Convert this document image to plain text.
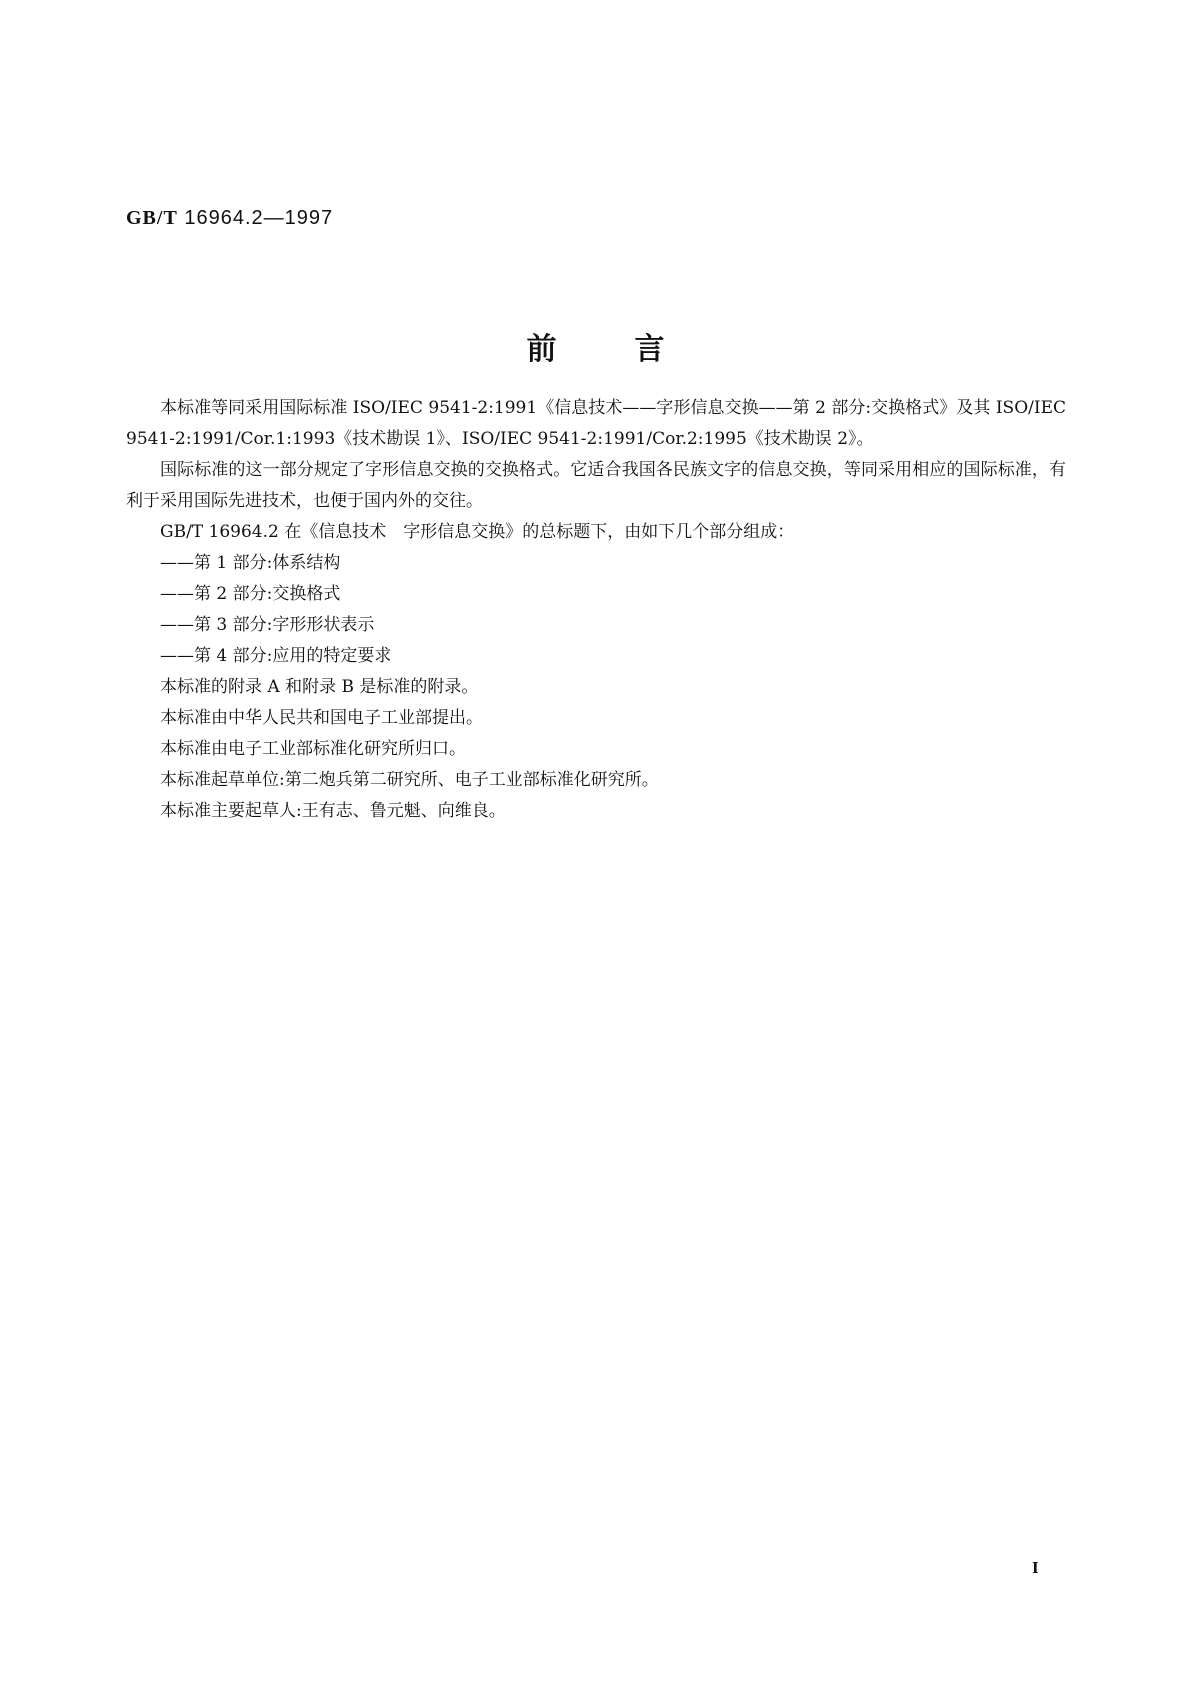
GB/T 16964.2—1997
前言

本标准等同采用国际标准 ISO/IEC 9541-2:1991《信息技术——字形信息交换——第 2 部分:交换格式》及其 ISO/IEC 9541-2:1991/Cor.1:1993《技术勘误 1》、ISO/IEC 9541-2:1991/Cor.2:1995《技术勘误 2》。

国际标准的这一部分规定了字形信息交换的交换格式。它适合我国各民族文字的信息交换，等同采用相应的国际标准，有利于采用国际先进技术，也便于国内外的交往。

GB/T 16964.2 在《信息技术　字形信息交换》的总标题下，由如下几个部分组成：

——第 1 部分:体系结构

——第 2 部分:交换格式

——第 3 部分:字形形状表示

——第 4 部分:应用的特定要求

本标准的附录 A 和附录 B 是标准的附录。

本标准由中华人民共和国电子工业部提出。

本标准由电子工业部标准化研究所归口。

本标准起草单位:第二炮兵第二研究所、电子工业部标准化研究所。

本标准主要起草人:王有志、鲁元魁、向维良。

I
